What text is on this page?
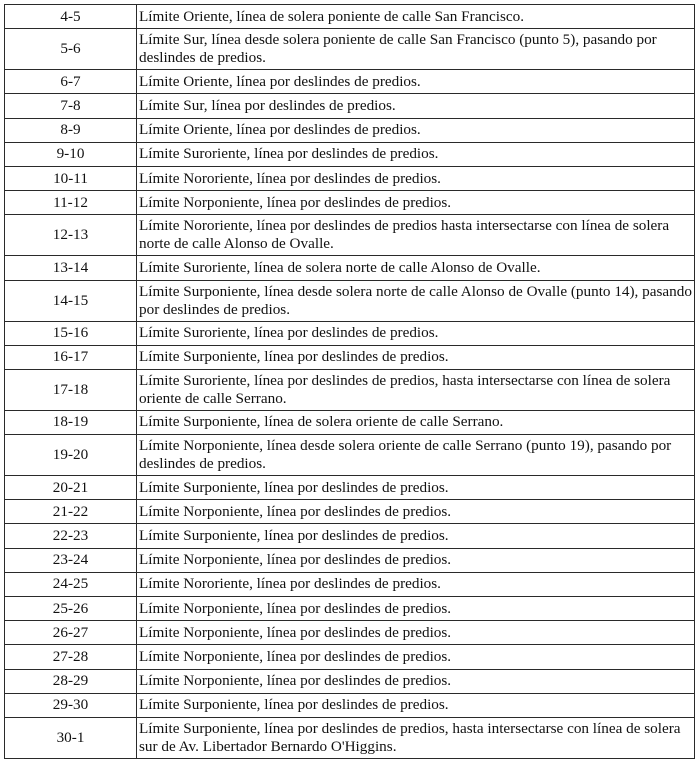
4-5	Límite Oriente, línea de solera poniente de calle San Francisco.
5-6	Límite Sur, línea desde solera poniente de calle San Francisco (punto 5), pasando por deslindes de predios.
6-7	Límite Oriente, línea por deslindes de predios.
7-8	Límite Sur, línea por deslindes de predios.
8-9	Límite Oriente, línea por deslindes de predios.
9-10	Límite Suroriente, línea por deslindes de predios.
10-11	Límite Nororiente, línea por deslindes de predios.
11-12	Límite Norponiente, línea por deslindes de predios.
12-13	Límite Nororiente, línea por deslindes de predios hasta intersectarse con línea de solera norte de calle Alonso de Ovalle.
13-14	Límite Suroriente, línea de solera norte de calle Alonso de Ovalle.
14-15	Límite Surponiente, línea desde solera norte de calle Alonso de Ovalle (punto 14), pasando por deslindes de predios.
15-16	Límite Suroriente, línea por deslindes de predios.
16-17	Límite Surponiente, línea por deslindes de predios.
17-18	Límite Suroriente, línea por deslindes de predios, hasta intersectarse con línea de solera oriente de calle Serrano.
18-19	Límite Surponiente, línea de solera oriente de calle Serrano.
19-20	Límite Norponiente, línea desde solera oriente de calle Serrano (punto 19), pasando por deslindes de predios.
20-21	Límite Surponiente, línea por deslindes de predios.
21-22	Límite Norponiente, línea por deslindes de predios.
22-23	Límite Surponiente, línea por deslindes de predios.
23-24	Límite Norponiente, línea por deslindes de predios.
24-25	Límite Nororiente, línea por deslindes de predios.
25-26	Límite Norponiente, línea por deslindes de predios.
26-27	Límite Norponiente, línea por deslindes de predios.
27-28	Límite Norponiente, línea por deslindes de predios.
28-29	Límite Norponiente, línea por deslindes de predios.
29-30	Límite Surponiente, línea por deslindes de predios.
30-1	Límite Surponiente, línea por deslindes de predios, hasta intersectarse con línea de solera sur de Av. Libertador Bernardo O'Higgins.
